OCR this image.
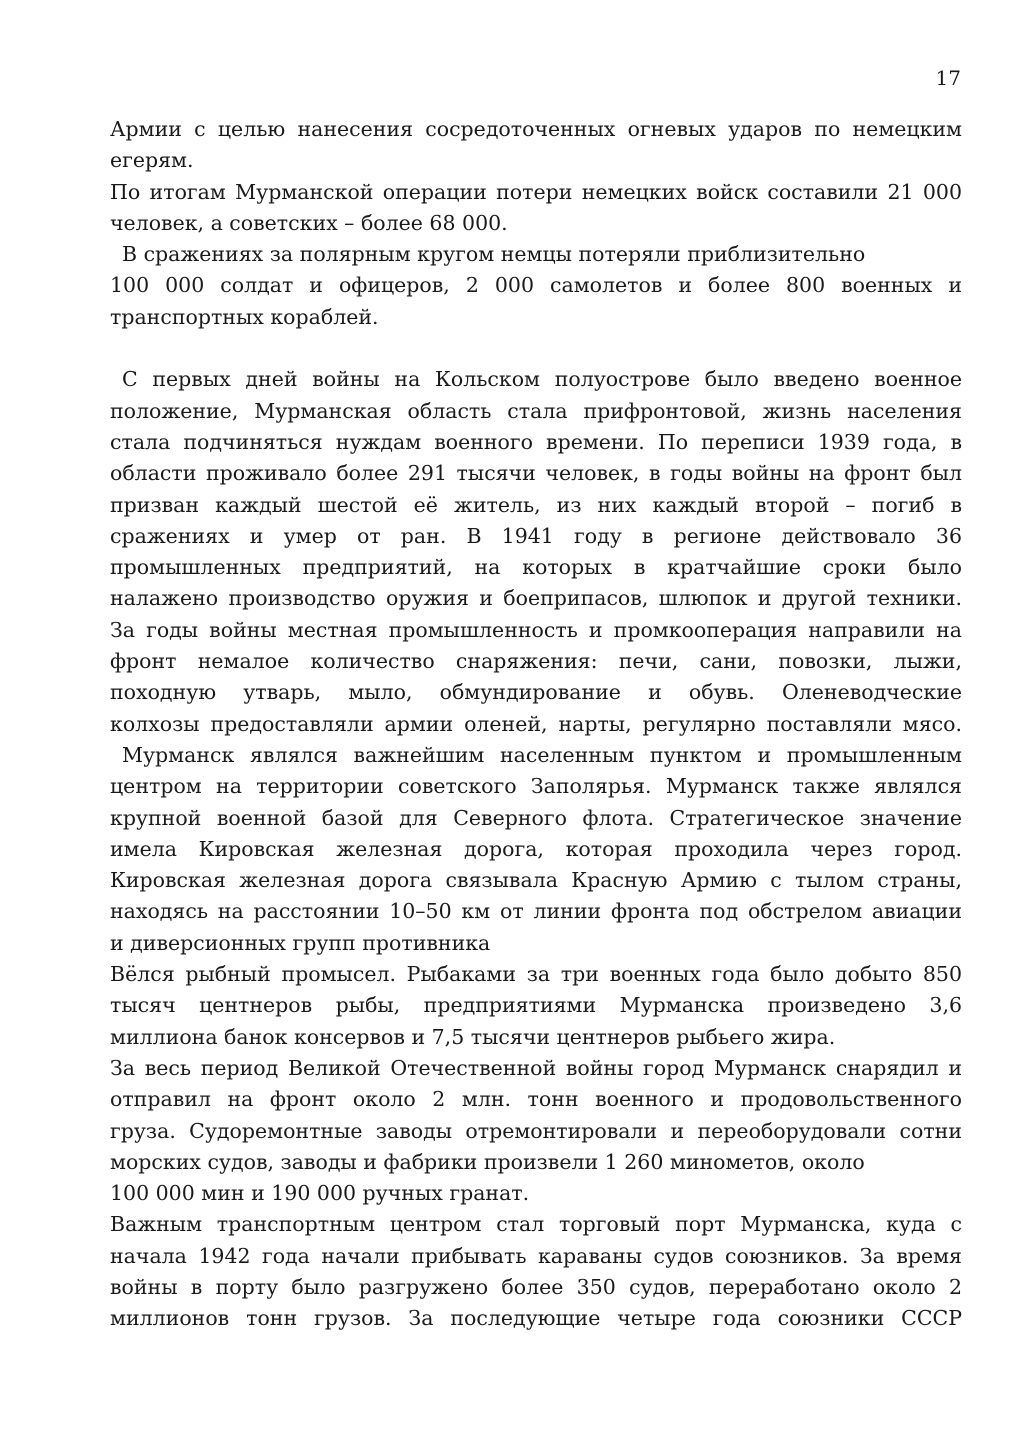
17
Армии с целью нанесения сосредоточенных огневых ударов по немецким
егерям.
По итогам Мурманской операции потери немецких войск составили 21 000
человек, а советских – более 68 000.
В сражениях за полярным кругом немцы потеряли приблизительно
100 000 солдат и офицеров, 2 000 самолетов и более 800 военных и
транспортных кораблей.
С первых дней войны на Кольском полуострове было введено военное
положение, Мурманская область стала прифронтовой, жизнь населения
стала подчиняться нуждам военного времени. По переписи 1939 года, в
области проживало более 291 тысячи человек, в годы войны на фронт был
призван каждый шестой её житель, из них каждый второй – погиб в
сражениях и умер от ран. В 1941 году в регионе действовало 36
промышленных предприятий, на которых в кратчайшие сроки было
налажено производство оружия и боеприпасов, шлюпок и другой техники.
За годы войны местная промышленность и промкооперация направили на
фронт немалое количество снаряжения: печи, сани, повозки, лыжи,
походную утварь, мыло, обмундирование и обувь. Оленеводческие
колхозы предоставляли армии оленей, нарты, регулярно поставляли мясо.
Мурманск являлся важнейшим населенным пунктом и промышленным
центром на территории советского Заполярья. Мурманск также являлся
крупной военной базой для Северного флота. Стратегическое значение
имела Кировская железная дорога, которая проходила через город.
Кировская железная дорога связывала Красную Армию с тылом страны,
находясь на расстоянии 10–50 км от линии фронта под обстрелом авиации
и диверсионных групп противника
Вёлся рыбный промысел. Рыбаками за три военных года было добыто 850
тысяч центнеров рыбы, предприятиями Мурманска произведено 3,6
миллиона банок консервов и 7,5 тысячи центнеров рыбьего жира.
За весь период Великой Отечественной войны город Мурманск снарядил и
отправил на фронт около 2 млн. тонн военного и продовольственного
груза. Судоремонтные заводы отремонтировали и переоборудовали сотни
морских судов, заводы и фабрики произвели 1 260 минометов, около
100 000 мин и 190 000 ручных гранат.
Важным транспортным центром стал торговый порт Мурманска, куда с
начала 1942 года начали прибывать караваны судов союзников. За время
войны в порту было разгружено более 350 судов, переработано около 2
миллионов тонн грузов. За последующие четыре года союзники СССР
